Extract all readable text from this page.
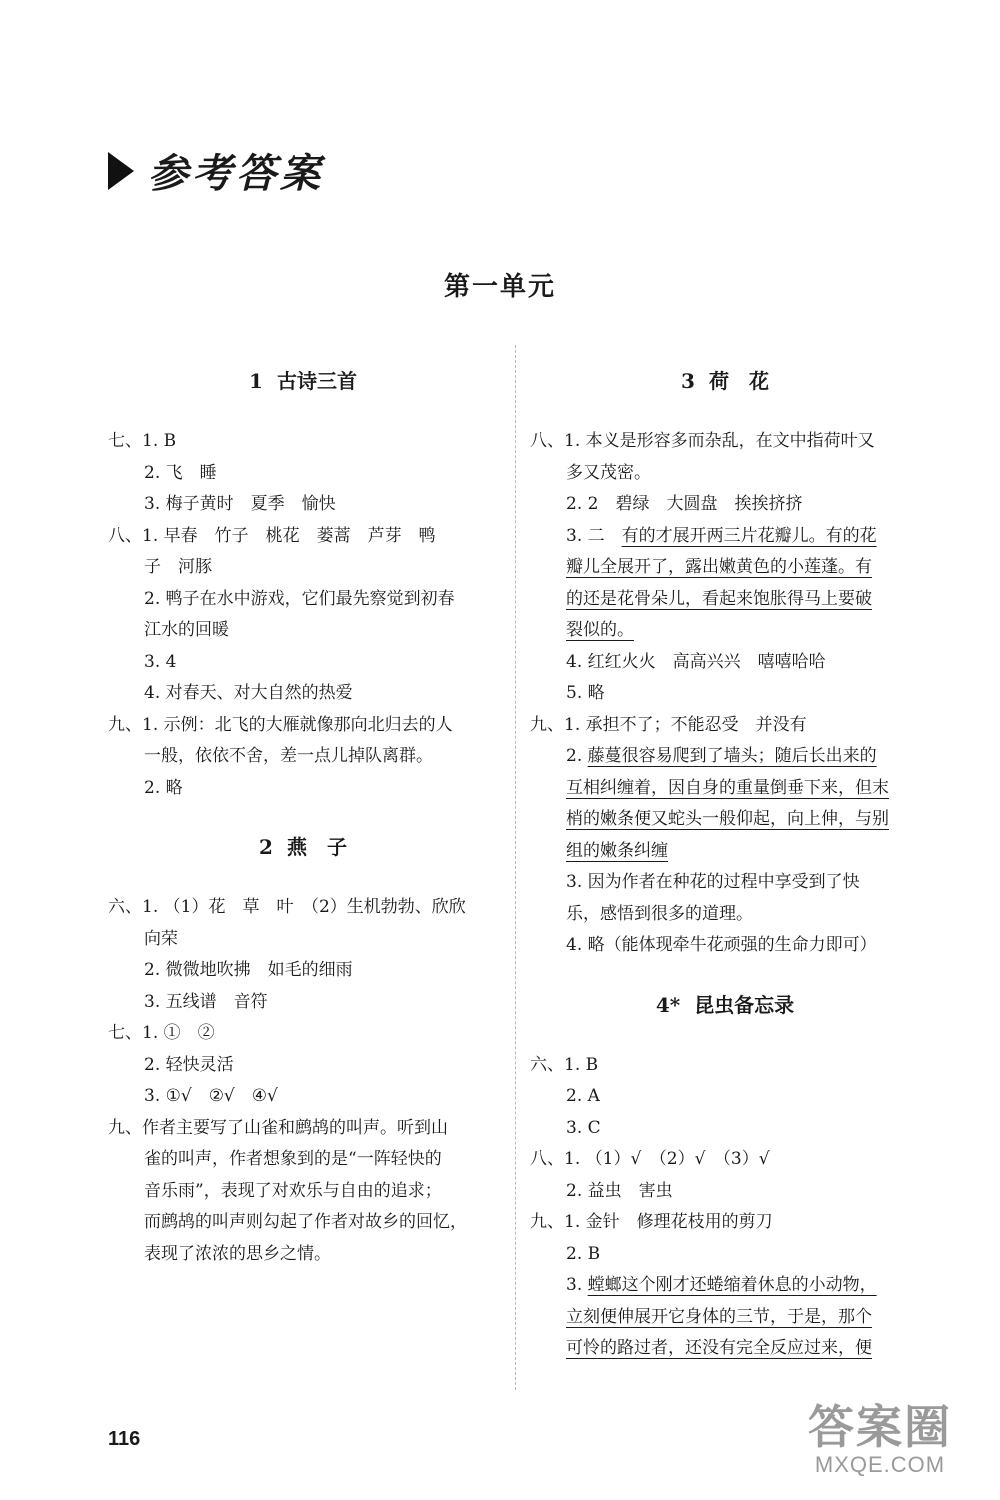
参考答案
第一单元
1 古诗三首
七、1. B
2. 飞　睡
3. 梅子黄时　夏季　愉快
八、1. 早春　竹子　桃花　蒌蒿　芦芽　鸭
子　河豚
2. 鸭子在水中游戏，它们最先察觉到初春
江水的回暖
3. 4
4. 对春天、对大自然的热爱
九、1. 示例：北飞的大雁就像那向北归去的人
一般，依依不舍，差一点儿掉队离群。
2. 略
2 燕　子
六、1. （1）花　草　叶　（2）生机勃勃、欣欣
向荣
2. 微微地吹拂　如毛的细雨
3. 五线谱　音符
七、1. ①　②
2. 轻快灵活
3. ①√　②√　④√
九、作者主要写了山雀和鹧鸪的叫声。听到山
雀的叫声，作者想象到的是“一阵轻快的
音乐雨”，表现了对欢乐与自由的追求；
而鹧鸪的叫声则勾起了作者对故乡的回忆，
表现了浓浓的思乡之情。
3 荷　花
八、1. 本义是形容多而杂乱，在文中指荷叶又
多又茂密。
2. 2　碧绿　大圆盘　挨挨挤挤
3. 二　有的才展开两三片花瓣儿。有的花
瓣儿全展开了，露出嫩黄色的小莲蓬。有
的还是花骨朵儿，看起来饱胀得马上要破
裂似的。
4. 红红火火　高高兴兴　嘻嘻哈哈
5. 略
九、1. 承担不了；不能忍受　并没有
2. 藤蔓很容易爬到了墙头；随后长出来的
互相纠缠着，因自身的重量倒垂下来，但末
梢的嫩条便又蛇头一般仰起，向上伸，与别
组的嫩条纠缠
3. 因为作者在种花的过程中享受到了快
乐，感悟到很多的道理。
4. 略（能体现牵牛花顽强的生命力即可）
4* 昆虫备忘录
六、1. B
2. A
3. C
八、1. （1）√　（2）√　（3）√
2. 益虫　害虫
九、1. 金针　修理花枝用的剪刀
2. B
3. 螳螂这个刚才还蜷缩着休息的小动物，
立刻便伸展开它身体的三节，于是，那个
可怜的路过者，还没有完全反应过来，便
116	答案圈
MXQE.COM
